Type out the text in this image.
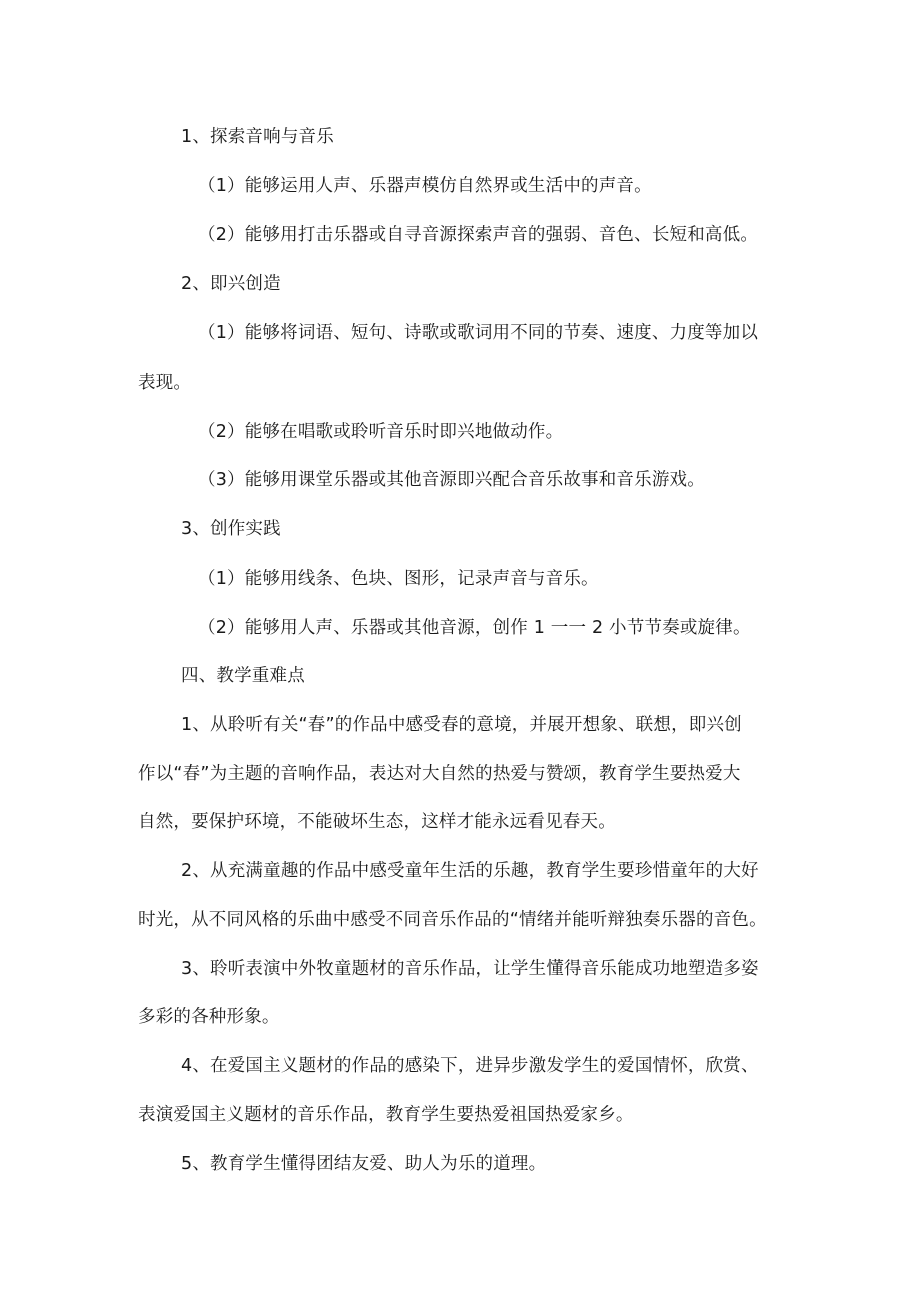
1、探索音响与音乐
（1）能够运用人声、乐器声模仿自然界或生活中的声音。
（2）能够用打击乐器或自寻音源探索声音的强弱、音色、长短和高低。
2、即兴创造
（1）能够将词语、短句、诗歌或歌词用不同的节奏、速度、力度等加以
表现。
（2）能够在唱歌或聆听音乐时即兴地做动作。
（3）能够用课堂乐器或其他音源即兴配合音乐故事和音乐游戏。
3、创作实践
（1）能够用线条、色块、图形，记录声音与音乐。
（2）能够用人声、乐器或其他音源，创作 1 一一 2 小节节奏或旋律。
四、教学重难点
1、从聆听有关“春”的作品中感受春的意境，并展开想象、联想，即兴创
作以“春”为主题的音响作品，表达对大自然的热爱与赞颂，教育学生要热爱大
自然，要保护环境，不能破坏生态，这样才能永远看见春天。
2、从充满童趣的作品中感受童年生活的乐趣，教育学生要珍惜童年的大好
时光，从不同风格的乐曲中感受不同音乐作品的“情绪并能听辩独奏乐器的音色。
3、聆听表演中外牧童题材的音乐作品，让学生懂得音乐能成功地塑造多姿
多彩的各种形象。
4、在爱国主义题材的作品的感染下，进异步激发学生的爱国情怀，欣赏、
表演爱国主义题材的音乐作品，教育学生要热爱祖国热爱家乡。
5、教育学生懂得团结友爱、助人为乐的道理。
